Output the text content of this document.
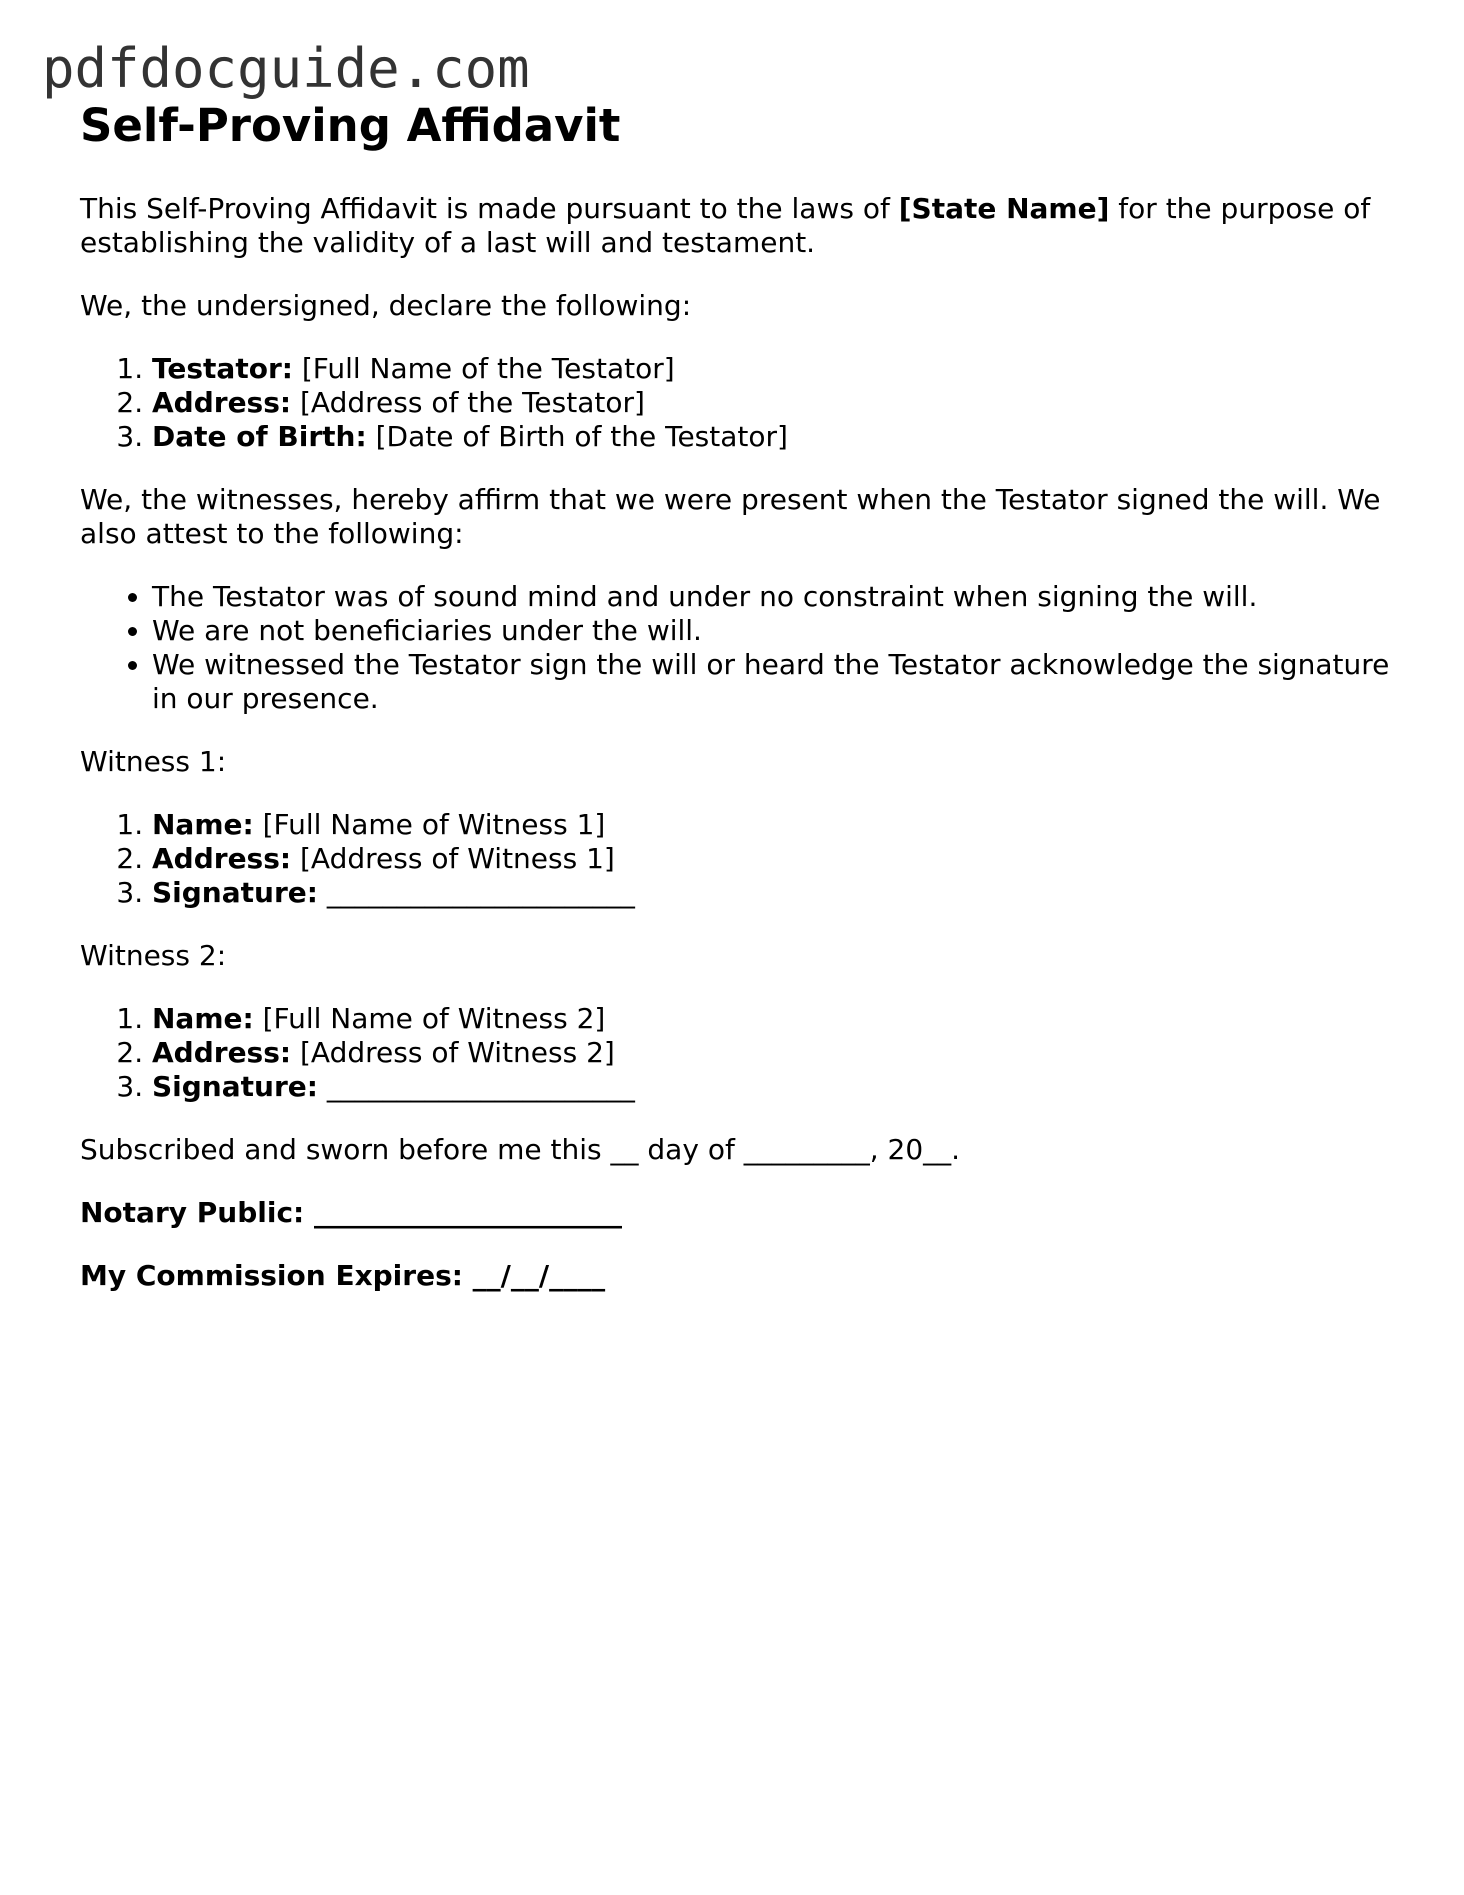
pdfdocguide.com
Self-Proving Affidavit

This Self-Proving Affidavit is made pursuant to the laws of [State Name] for the purpose of establishing the validity of a last will and testament.

We, the undersigned, declare the following:

1. Testator: [Full Name of the Testator]
2. Address: [Address of the Testator]
3. Date of Birth: [Date of Birth of the Testator]

We, the witnesses, hereby affirm that we were present when the Testator signed the will. We also attest to the following:

• The Testator was of sound mind and under no constraint when signing the will.
• We are not beneficiaries under the will.
• We witnessed the Testator sign the will or heard the Testator acknowledge the signature in our presence.

Witness 1:

1. Name: [Full Name of Witness 1]
2. Address: [Address of Witness 1]
3. Signature: ______________________

Witness 2:

1. Name: [Full Name of Witness 2]
2. Address: [Address of Witness 2]
3. Signature: ______________________

Subscribed and sworn before me this __ day of _________, 20__.

Notary Public: ______________________

My Commission Expires: __/__/____
